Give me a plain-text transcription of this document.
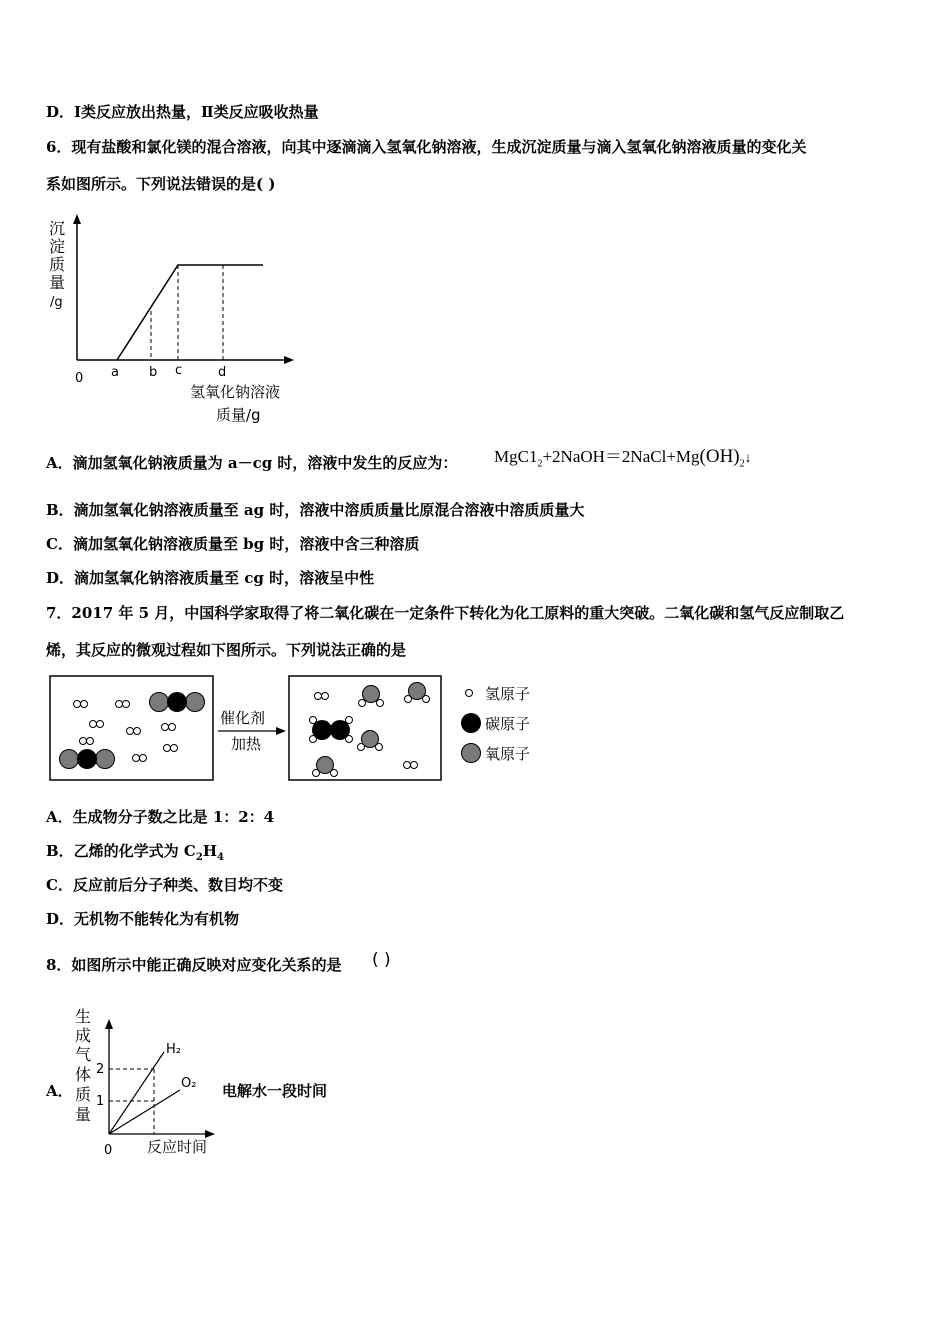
D．Ⅰ类反应放出热量，Ⅱ类反应吸收热量
6．现有盐酸和氯化镁的混合溶液，向其中逐滴滴入氢氧化钠溶液，生成沉淀质量与滴入氢氧化钠溶液质量的变化关
系如图所示。下列说法错误的是( )
沉
淀
质
量
/g
0 a b c	d
氢氧化钠溶液
质量/g
A．滴加氢氧化钠液质量为 a－cg 时，溶液中发生的反应为： $MgC1_2+2NaOH=2NaCl+Mg(OH)_2↓$
B．滴加氢氧化钠溶液质量至 ag 时，溶液中溶质质量比原混合溶液中溶质质量大
C．滴加氢氧化钠溶液质量至 bg 时，溶液中含三种溶质
D．滴加氢氧化钠溶液质量至 cg 时，溶液呈中性
7．2017 年 5 月，中国科学家取得了将二氧化碳在一定条件下转化为化工原料的重大突破。二氧化碳和氢气反应制取乙
烯，其反应的微观过程如下图所示。下列说法正确的是
催化剂
加热
氢原子
碳原子
氧原子
A．生成物分子数之比是 1：2：4
B．乙烯的化学式为 $C_2H_4$
C．反应前后分子种类、数目均不变
D．无机物不能转化为有机物
8．如图所示中能正确反映对应变化关系的是 ( )
A．
生
成
气
体
质
量
2
1
H₂
O₂
0 反应时间
电解水一段时间
